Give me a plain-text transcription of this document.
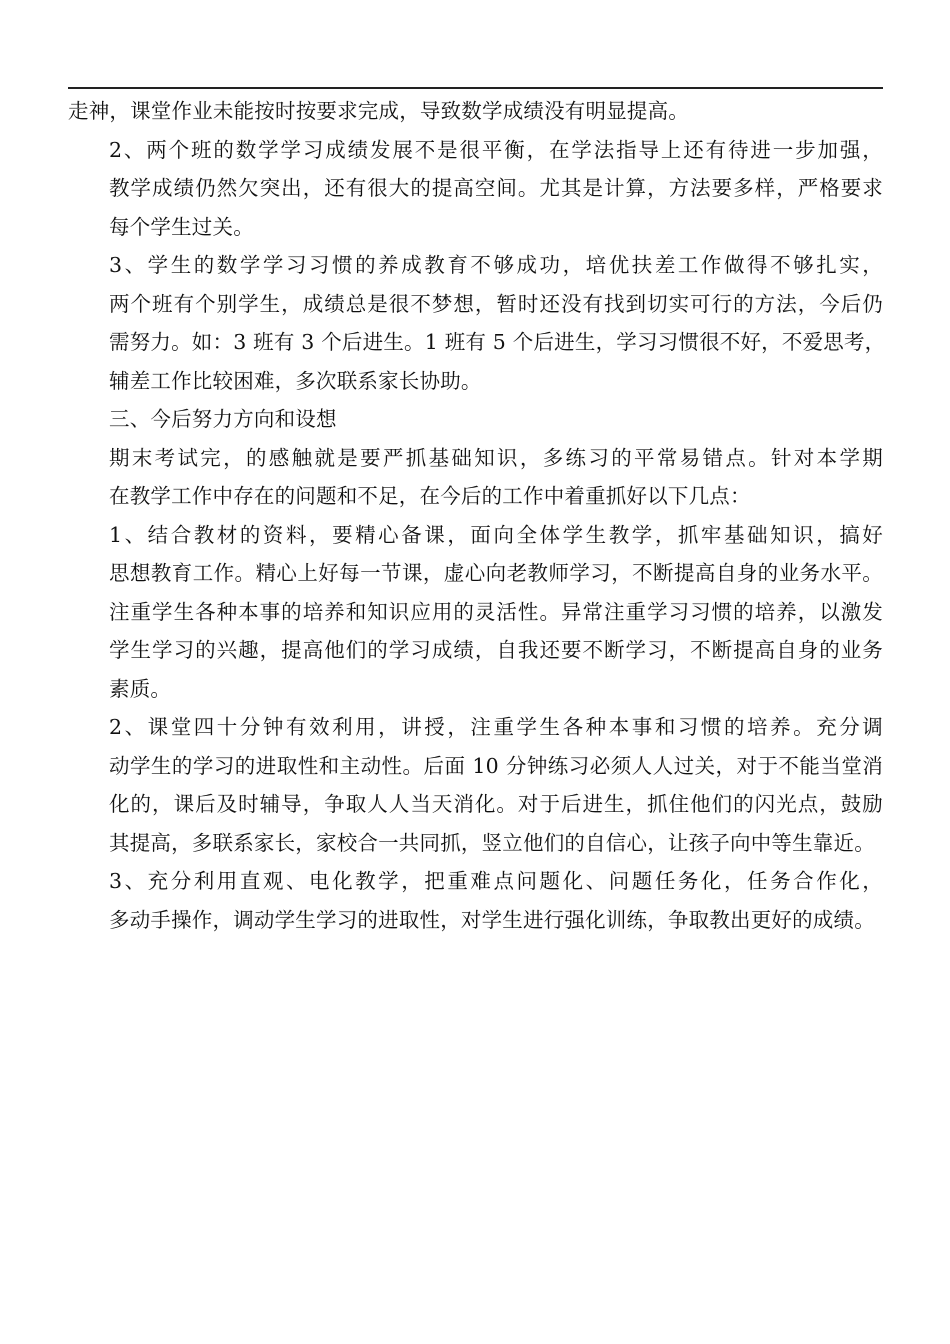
走神，课堂作业未能按时按要求完成，导致数学成绩没有明显提高。
2、两个班的数学学习成绩发展不是很平衡，在学法指导上还有待进一步加强，
教学成绩仍然欠突出，还有很大的提高空间。尤其是计算，方法要多样，严格要求
每个学生过关。
3、学生的数学学习习惯的养成教育不够成功，培优扶差工作做得不够扎实，
两个班有个别学生，成绩总是很不梦想，暂时还没有找到切实可行的方法，今后仍
需努力。如：3 班有 3 个后进生。1 班有 5 个后进生，学习习惯很不好，不爱思考，
辅差工作比较困难，多次联系家长协助。
三、今后努力方向和设想
期末考试完，的感触就是要严抓基础知识，多练习的平常易错点。针对本学期
在教学工作中存在的问题和不足，在今后的工作中着重抓好以下几点：
1、结合教材的资料，要精心备课，面向全体学生教学，抓牢基础知识，搞好
思想教育工作。精心上好每一节课，虚心向老教师学习，不断提高自身的业务水平。
注重学生各种本事的培养和知识应用的灵活性。异常注重学习习惯的培养，以激发
学生学习的兴趣，提高他们的学习成绩，自我还要不断学习，不断提高自身的业务
素质。
2、课堂四十分钟有效利用，讲授，注重学生各种本事和习惯的培养。充分调
动学生的学习的进取性和主动性。后面 10 分钟练习必须人人过关，对于不能当堂消
化的，课后及时辅导，争取人人当天消化。对于后进生，抓住他们的闪光点，鼓励
其提高，多联系家长，家校合一共同抓，竖立他们的自信心，让孩子向中等生靠近。
3、充分利用直观、电化教学，把重难点问题化、问题任务化，任务合作化，
多动手操作，调动学生学习的进取性，对学生进行强化训练，争取教出更好的成绩。
